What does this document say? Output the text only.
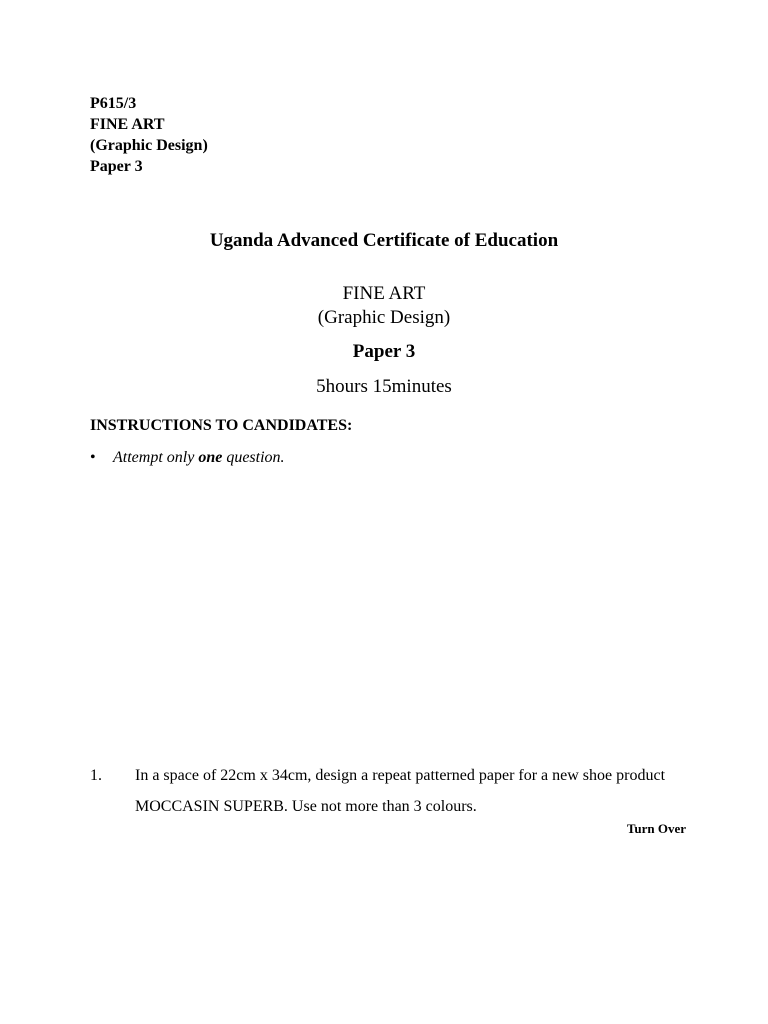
P615/3
FINE ART
(Graphic Design)
Paper 3
Uganda Advanced Certificate of Education
FINE ART
(Graphic Design)
Paper 3
5hours 15minutes
INSTRUCTIONS TO CANDIDATES:
• Attempt only one question.
1. In a space of 22cm x 34cm, design a repeat patterned paper for a new shoe product MOCCASIN SUPERB. Use not more than 3 colours.
Turn Over
